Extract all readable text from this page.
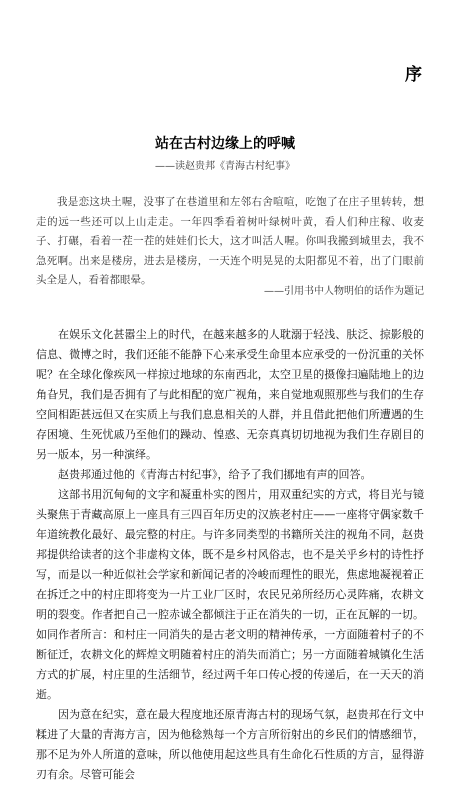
序
站在古村边缘上的呼喊
——读赵贵邦《青海古村纪事》

我是恋这块土喔，没事了在巷道里和左邻右舍喧喧，吃饱了在庄子里转转，想走的远一些还可以上山走走。一年四季看着树叶绿树叶黄，看人们种庄稼、收麦子、打碾，看着一茬一茬的娃娃们长大，这才叫活人喔。你叫我搬到城里去，我不急死啊。出来是楼房，进去是楼房，一天连个明晃晃的太阳都见不着，出了门眼前头全是人，看着都眼晕。

——引用书中人物明伯的话作为题记

在娱乐文化甚嚣尘上的时代，在越来越多的人耽溺于轻浅、肤泛、掠影般的信息、微博之时，我们还能不能静下心来承受生命里本应承受的一份沉重的关怀呢？在全球化像疾风一样掠过地球的东南西北，太空卫星的摄像扫遍陆地上的边角旮旯，我们是否拥有了与此相配的宽广视角，来自觉地观照那些与我们的生存空间相距甚远但又在实质上与我们息息相关的人群，并且借此把他们所遭遇的生存困境、生死忧戚乃至他们的躁动、惶惑、无奈真真切切地视为我们生存剧目的另一版本，另一种演绎。

赵贵邦通过他的《青海古村纪事》，给予了我们挪地有声的回答。

这部书用沉甸甸的文字和凝重朴实的图片，用双重纪实的方式，将目光与镜头聚焦于青藏高原上一座具有三四百年历史的汉族老村庄——一座将守偶家数千年道统教化最好、最完整的村庄。与许多同类型的书籍所关注的视角不同，赵贵邦提供给读者的这个非虚构文体，既不是乡村风俗志，也不是关乎乡村的诗性抒写，而是以一种近似社会学家和新闻记者的冷峻而理性的眼光，焦虑地凝视着正在拆迁之中的村庄即将变为一片工业厂区时，农民兄弟所经历心灵阵痛，农耕文明的裂变。作者把自己一腔赤诚全都倾注于正在消失的一切，正在瓦解的一切。如同作者所言：和村庄一同消失的是古老文明的精神传承，一方面随着村子的不断征迁，农耕文化的辉煌文明随着村庄的消失而消亡；另一方面随着城镇化生活方式的扩展，村庄里的生活细节，经过两千年口传心授的传递后，在一天天的消逝。

因为意在纪实，意在最大程度地还原青海古村的现场气氛，赵贵邦在行文中糅进了大量的青海方言，因为他稔熟每一个方言所衍射出的乡民们的情感细节，那不足为外人所道的意味，所以他使用起这些具有生命化石性质的方言，显得游刃有余。尽管可能会
